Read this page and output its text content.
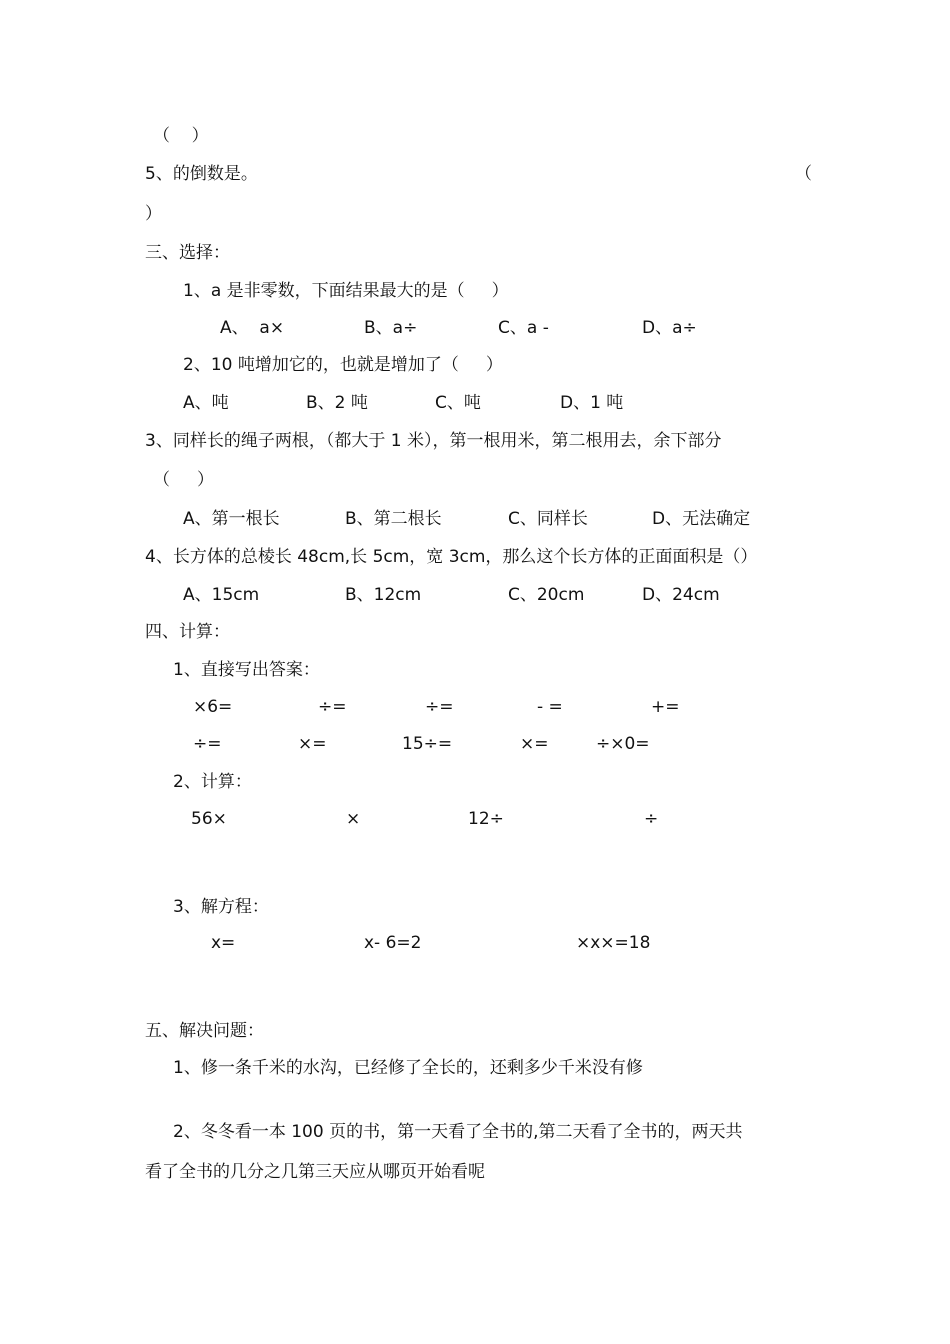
（    ）
5、的倒数是。	（
）
三、选择：
1、a 是非零数，下面结果最大的是（     ）
A、  a×	B、a÷	C、a -	D、a÷
2、10 吨增加它的，也就是增加了（     ）
A、吨	B、2 吨	C、吨	D、1 吨
3、同样长的绳子两根，（都大于 1 米），第一根用米，第二根用去，余下部分
（     ）
A、第一根长	B、第二根长	C、同样长	D、无法确定
4、长方体的总棱长 48cm,长 5cm，宽 3cm，那么这个长方体的正面面积是（）
A、15cm	B、12cm	C、20cm	D、24cm
四、计算：
1、直接写出答案：
×6=	÷=	÷=	- =	+=
÷=	×=	15÷=	×=	÷×0=
2、计算：
56×	×	12÷	÷
3、解方程：
x=	x- 6=2	×x×=18
五、解决问题：
1、修一条千米的水沟，已经修了全长的，还剩多少千米没有修
2、冬冬看一本 100 页的书，第一天看了全书的,第二天看了全书的，两天共
看了全书的几分之几第三天应从哪页开始看呢
